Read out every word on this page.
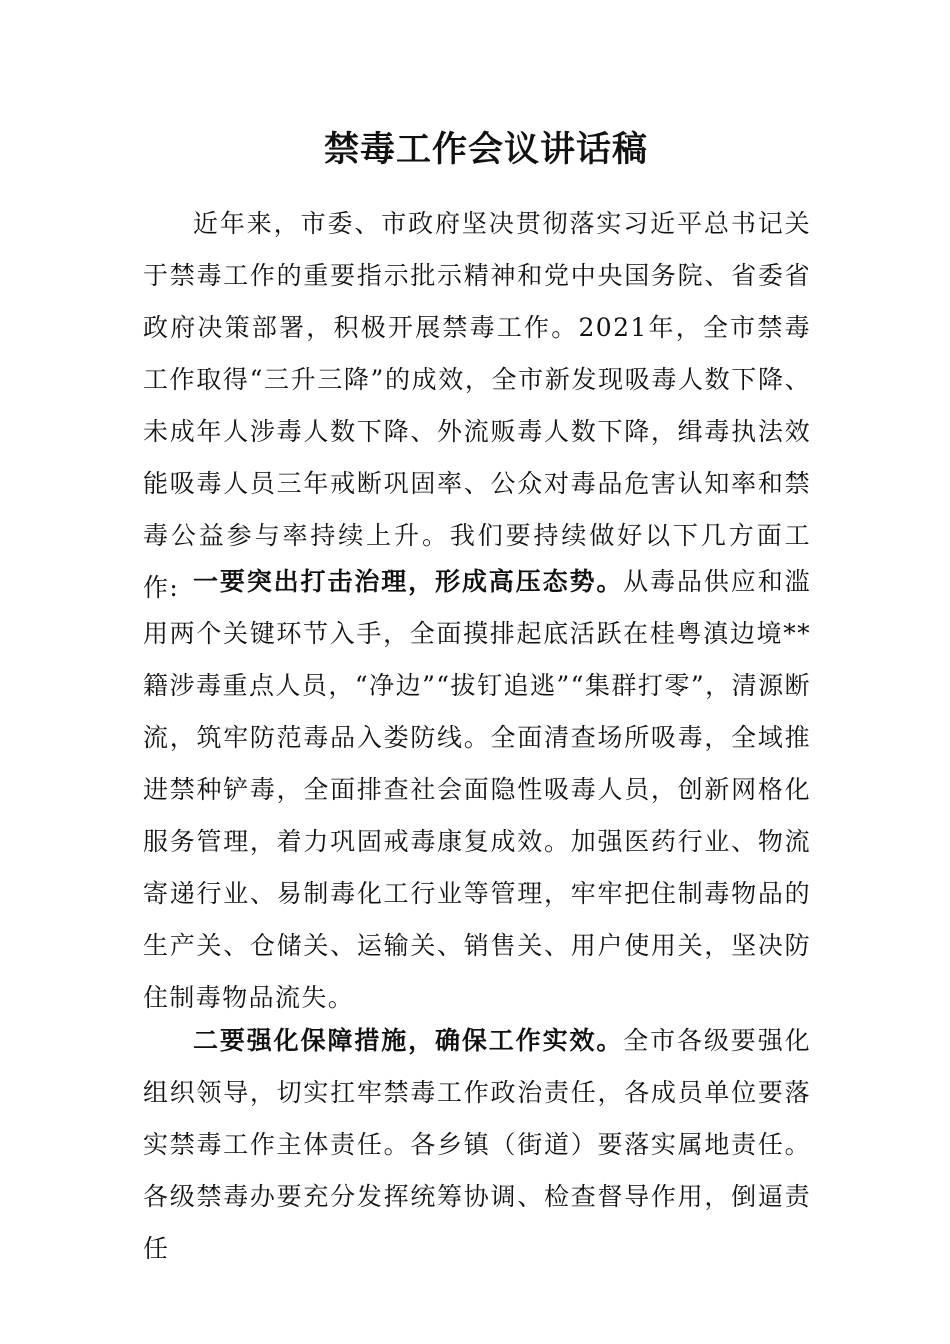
禁毒工作会议讲话稿

近年来，市委、市政府坚决贯彻落实习近平总书记关于禁毒工作的重要指示批示精神和党中央国务院、省委省政府决策部署，积极开展禁毒工作。2021年，全市禁毒工作取得“三升三降”的成效，全市新发现吸毒人数下降、未成年人涉毒人数下降、外流贩毒人数下降，缉毒执法效能吸毒人员三年戒断巩固率、公众对毒品危害认知率和禁毒公益参与率持续上升。我们要持续做好以下几方面工作: 一要突出打击治理，形成高压态势。从毒品供应和滥用两个关键环节入手，全面摸排起底活跃在桂粤滇边境**籍涉毒重点人员，“净边”“拔钉追逃”“集群打零”，清源断流，筑牢防范毒品入娄防线。全面清查场所吸毒，全域推进禁种铲毒，全面排查社会面隐性吸毒人员，创新网格化服务管理，着力巩固戒毒康复成效。加强医药行业、物流寄递行业、易制毒化工行业等管理，牢牢把住制毒物品的生产关、仓储关、运输关、销售关、用户使用关，坚决防住制毒物品流失。

二要强化保障措施，确保工作实效。全市各级要强化组织领导，切实扛牢禁毒工作政治责任，各成员单位要落实禁毒工作主体责任。各乡镇（街道）要落实属地责任。各级禁毒办要充分发挥统筹协调、检查督导作用，倒逼责任
